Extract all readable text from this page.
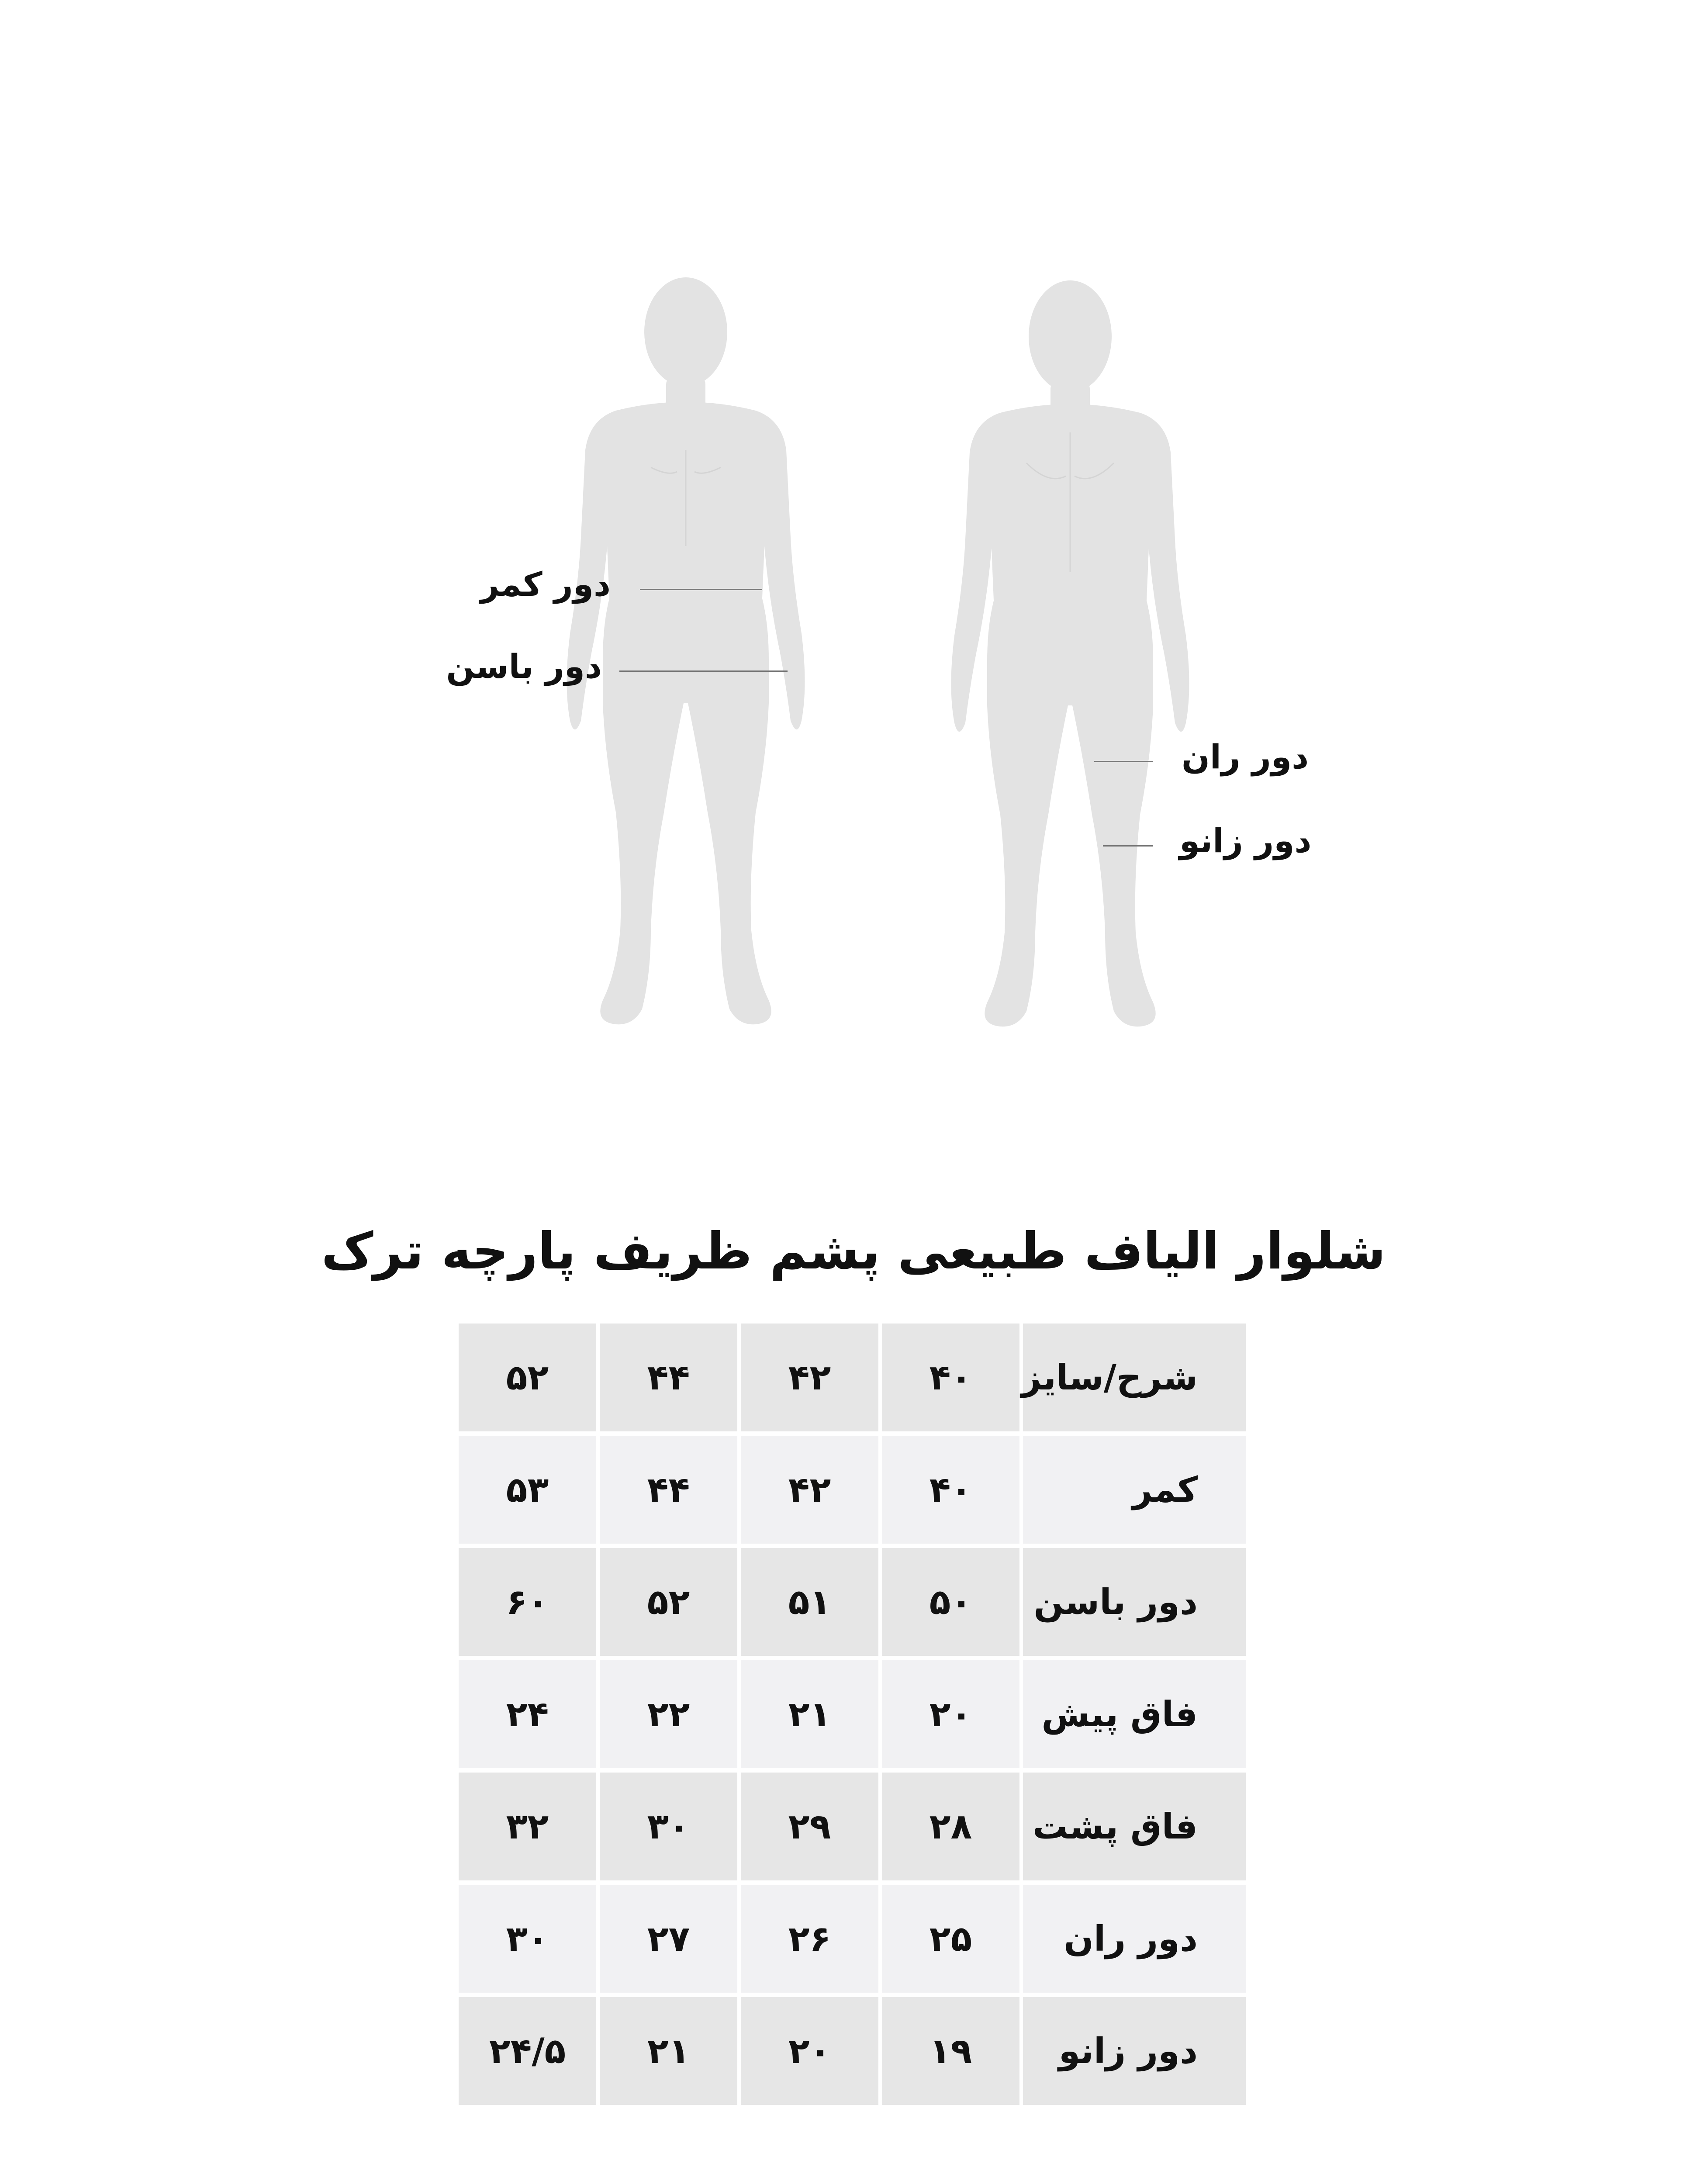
دور کمر
دور باسن
دور ران
دور زانو
شلوار الیاف طبیعی پشم ظریف پارچه ترک
۵۲	۴۴	۴۲	۴۰	شرح/سایز
۵۳	۴۴	۴۲	۴۰	کمر
۶۰	۵۲	۵۱	۵۰	دور باسن
۲۴	۲۲	۲۱	۲۰	فاق پیش
۳۲	۳۰	۲۹	۲۸	فاق پشت
۳۰	۲۷	۲۶	۲۵	دور ران
۲۴/۵	۲۱	۲۰	۱۹	دور زانو
